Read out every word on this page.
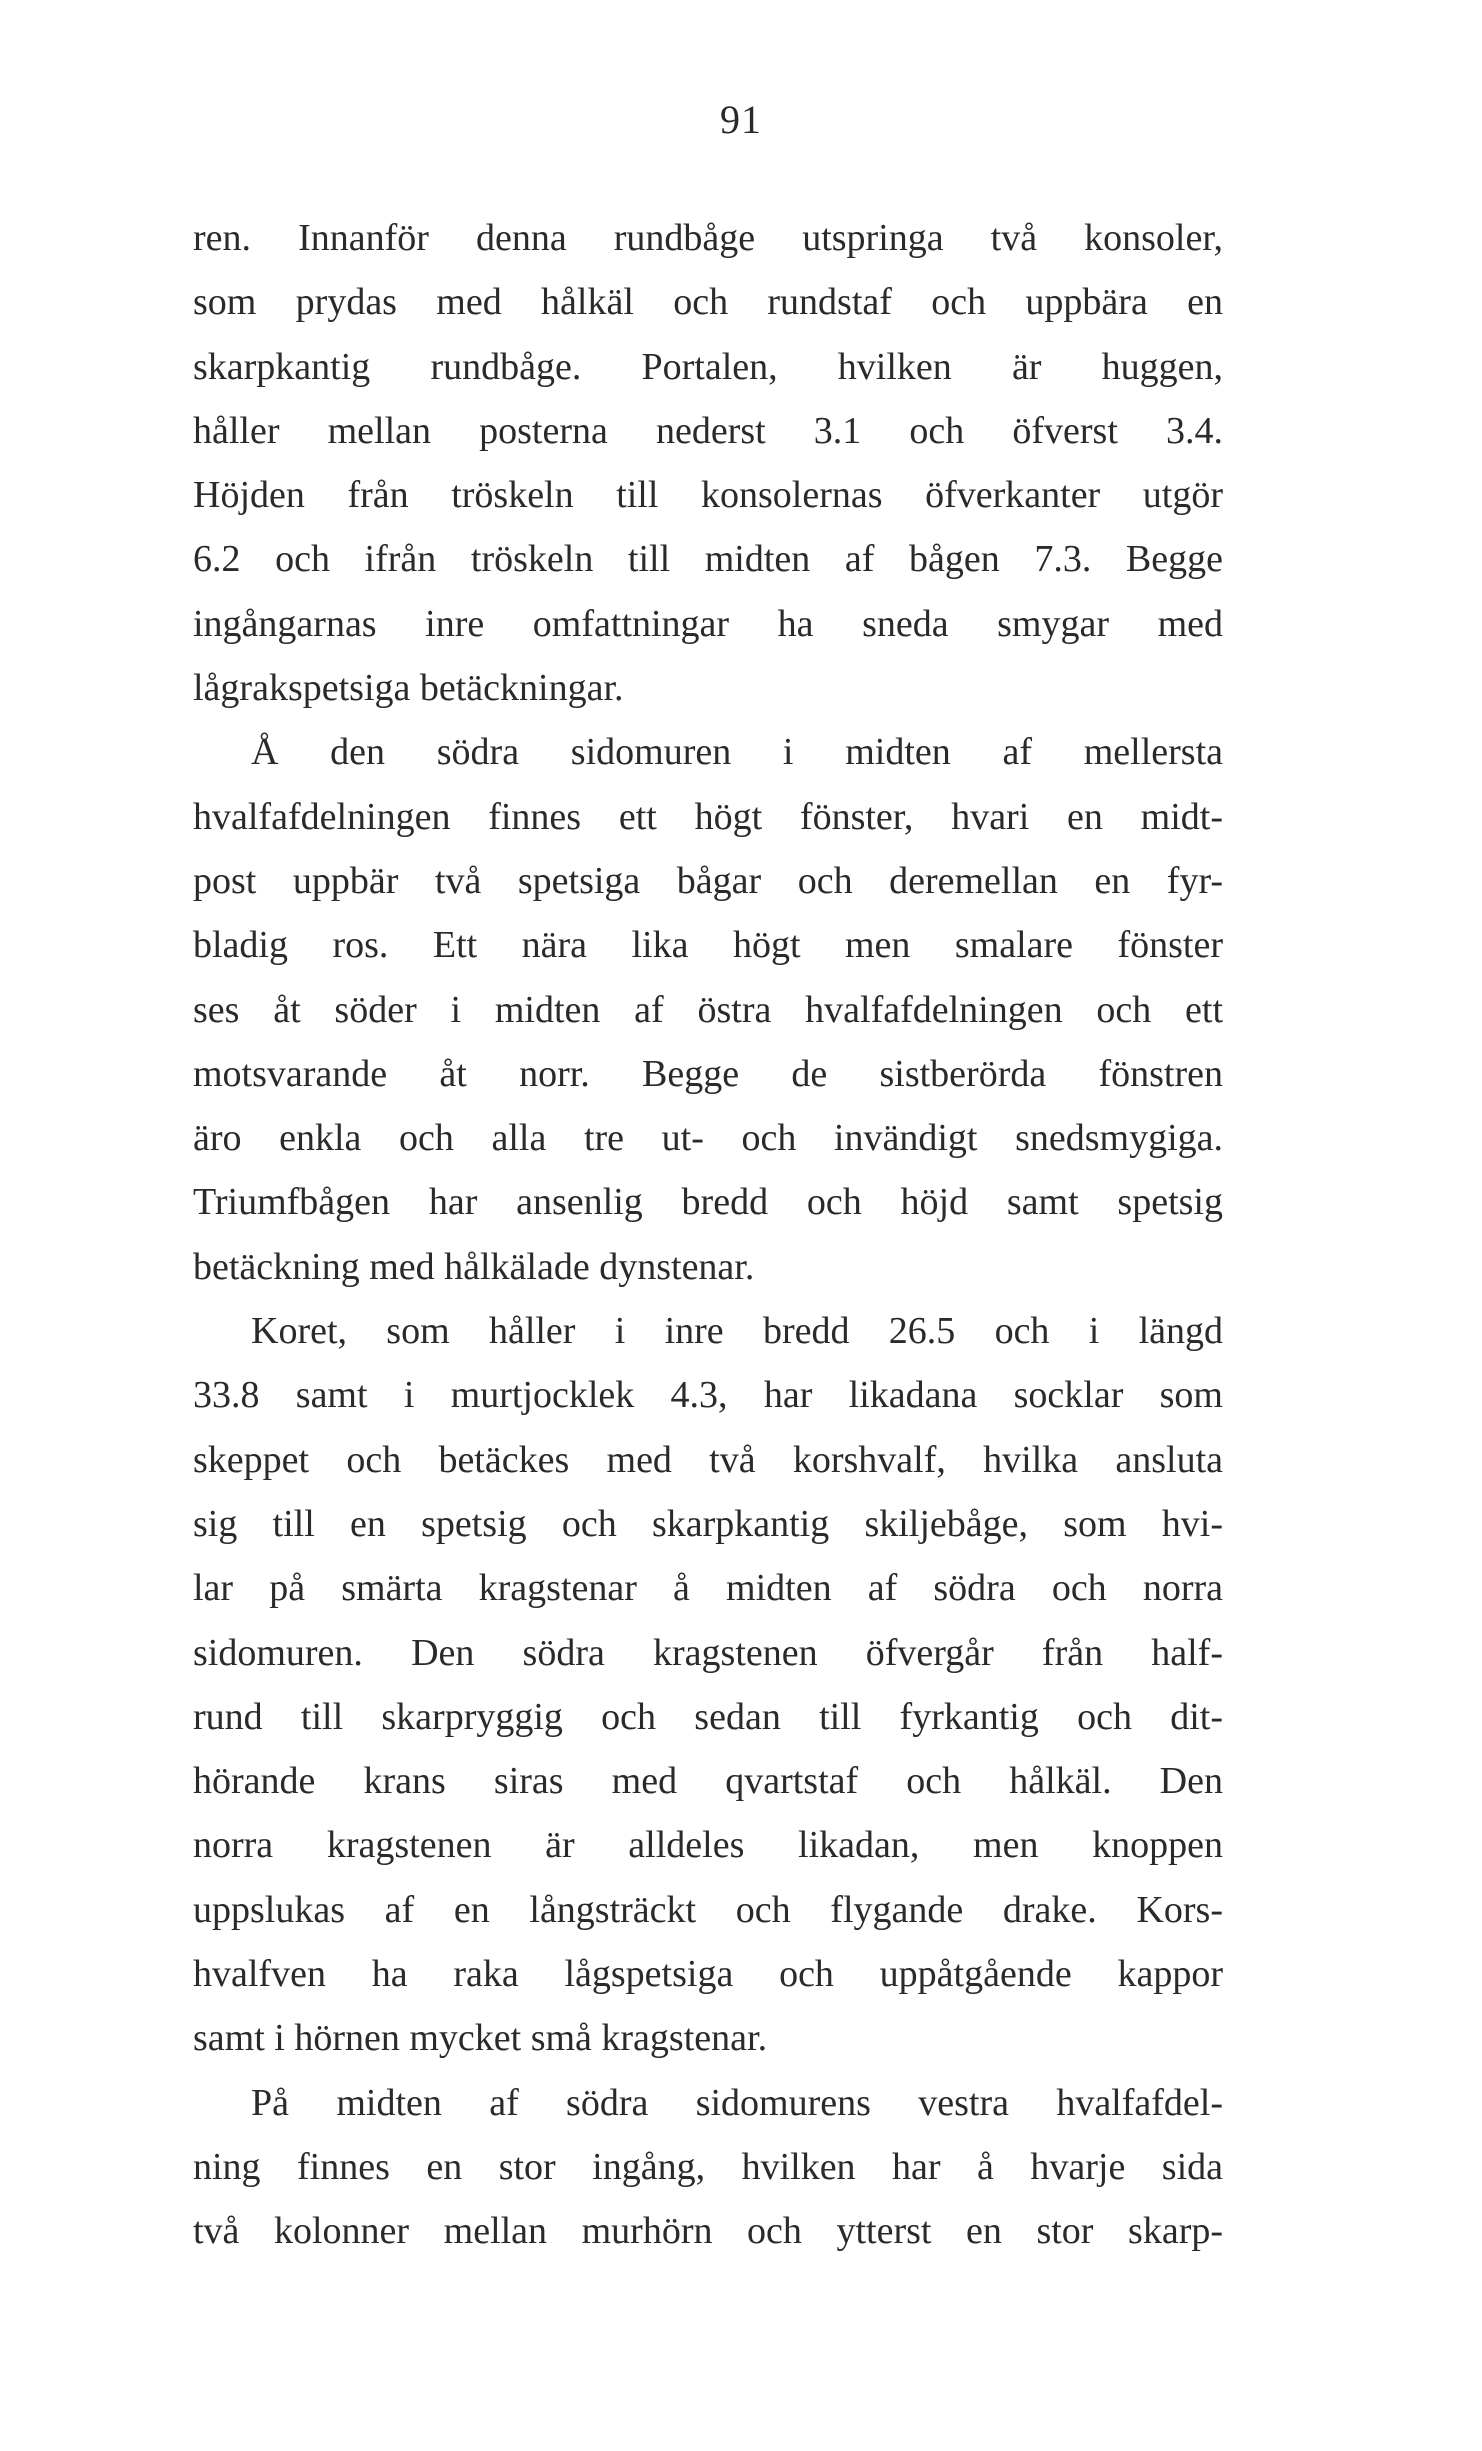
91
ren. Innanför denna rundbåge utspringa två konsoler,
som prydas med hålkäl och rundstaf och uppbära en
skarpkantig rundbåge. Portalen, hvilken är huggen,
håller mellan posterna nederst 3.1 och öfverst 3.4.
Höjden från tröskeln till konsolernas öfverkanter utgör
6.2 och ifrån tröskeln till midten af bågen 7.3. Begge
ingångarnas inre omfattningar ha sneda smygar med
lågrakspetsiga betäckningar.
Å den södra sidomuren i midten af mellersta
hvalfafdelningen finnes ett högt fönster, hvari en midt-
post uppbär två spetsiga bågar och deremellan en fyr-
bladig ros. Ett nära lika högt men smalare fönster
ses åt söder i midten af östra hvalfafdelningen och ett
motsvarande åt norr. Begge de sistberörda fönstren
äro enkla och alla tre ut- och invändigt snedsmygiga.
Triumfbågen har ansenlig bredd och höjd samt spetsig
betäckning med hålkälade dynstenar.
Koret, som håller i inre bredd 26.5 och i längd
33.8 samt i murtjocklek 4.3, har likadana socklar som
skeppet och betäckes med två korshvalf, hvilka ansluta
sig till en spetsig och skarpkantig skiljebåge, som hvi-
lar på smärta kragstenar å midten af södra och norra
sidomuren. Den södra kragstenen öfvergår från half-
rund till skarpryggig och sedan till fyrkantig och dit-
hörande krans siras med qvartstaf och hålkäl. Den
norra kragstenen är alldeles likadan, men knoppen
uppslukas af en långsträckt och flygande drake. Kors-
hvalfven ha raka lågspetsiga och uppåtgående kappor
samt i hörnen mycket små kragstenar.
På midten af södra sidomurens vestra hvalfafdel-
ning finnes en stor ingång, hvilken har å hvarje sida
två kolonner mellan murhörn och ytterst en stor skarp-
